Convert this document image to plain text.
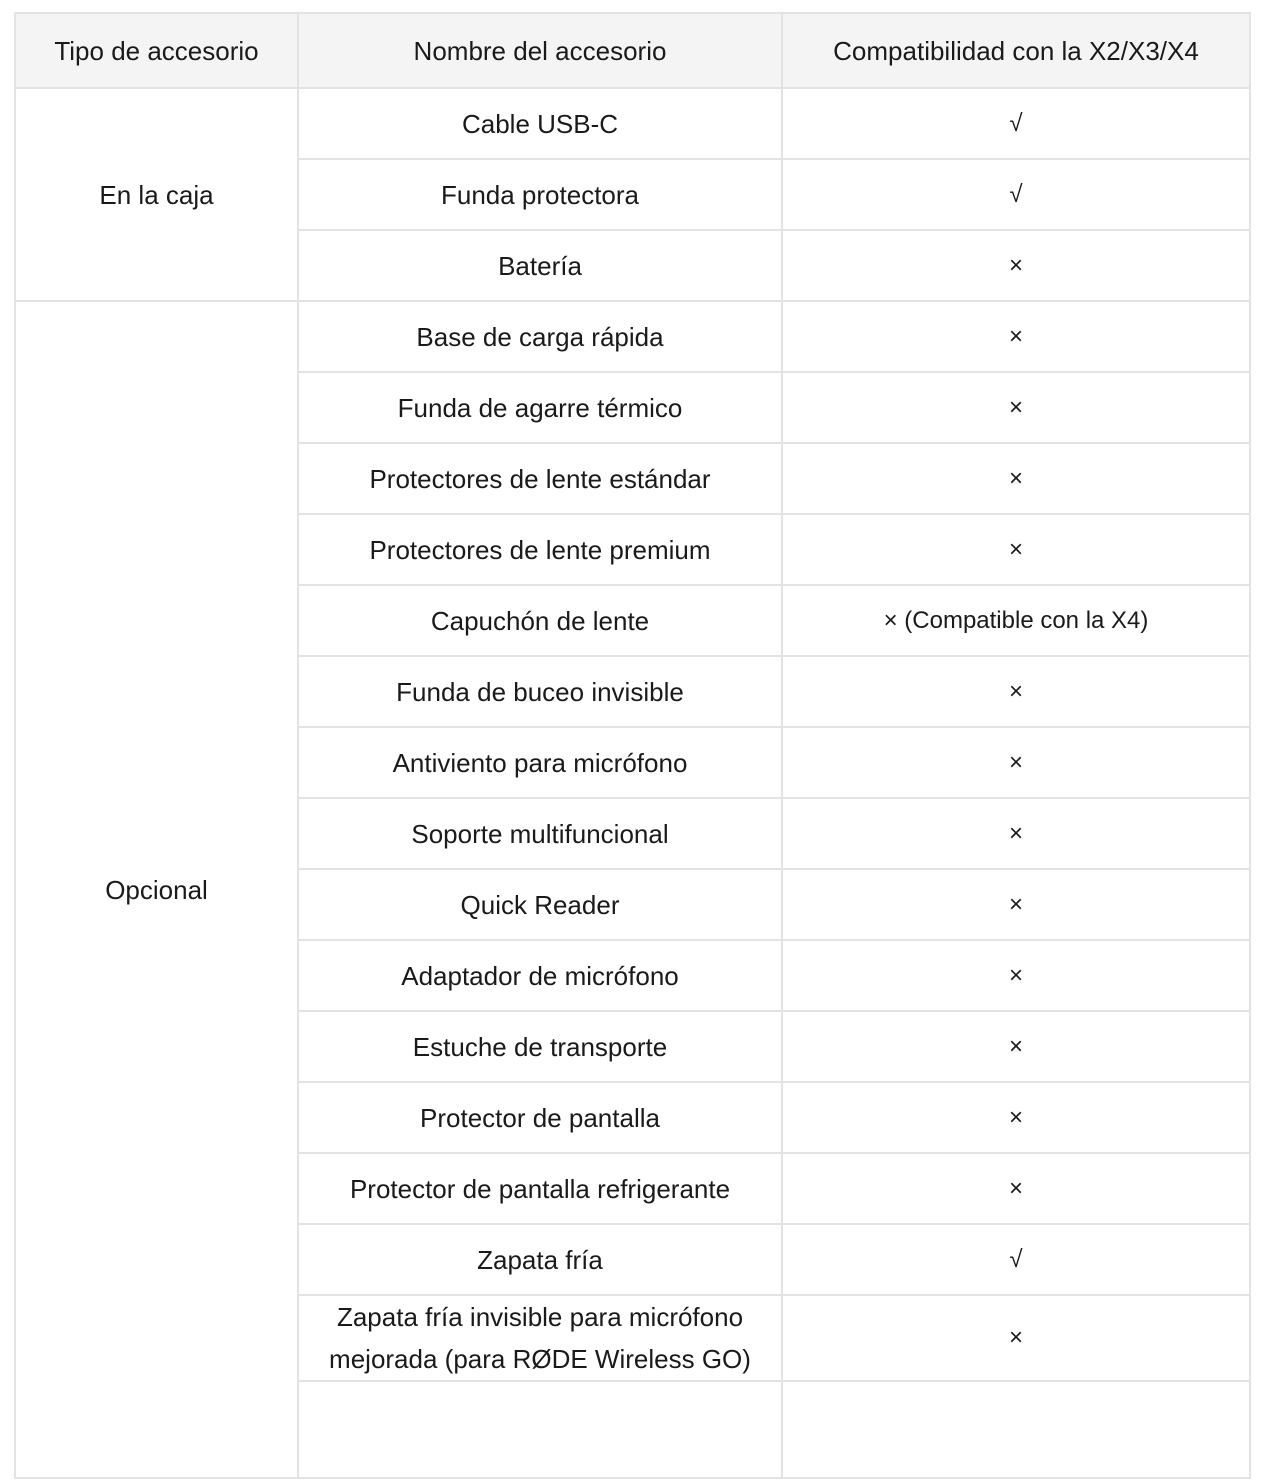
Tipo de accesorio	Nombre del accesorio	Compatibilidad con la X2/X3/X4
En la caja	Cable USB-C	√
	Funda protectora	√
	Batería	×
Opcional	Base de carga rápida	×
	Funda de agarre térmico	×
	Protectores de lente estándar	×
	Protectores de lente premium	×
	Capuchón de lente	× (Compatible con la X4)
	Funda de buceo invisible	×
	Antiviento para micrófono	×
	Soporte multifuncional	×
	Quick Reader	×
	Adaptador de micrófono	×
	Estuche de transporte	×
	Protector de pantalla	×
	Protector de pantalla refrigerante	×
	Zapata fría	√
	Zapata fría invisible para micrófono mejorada (para RØDE Wireless GO)	×
